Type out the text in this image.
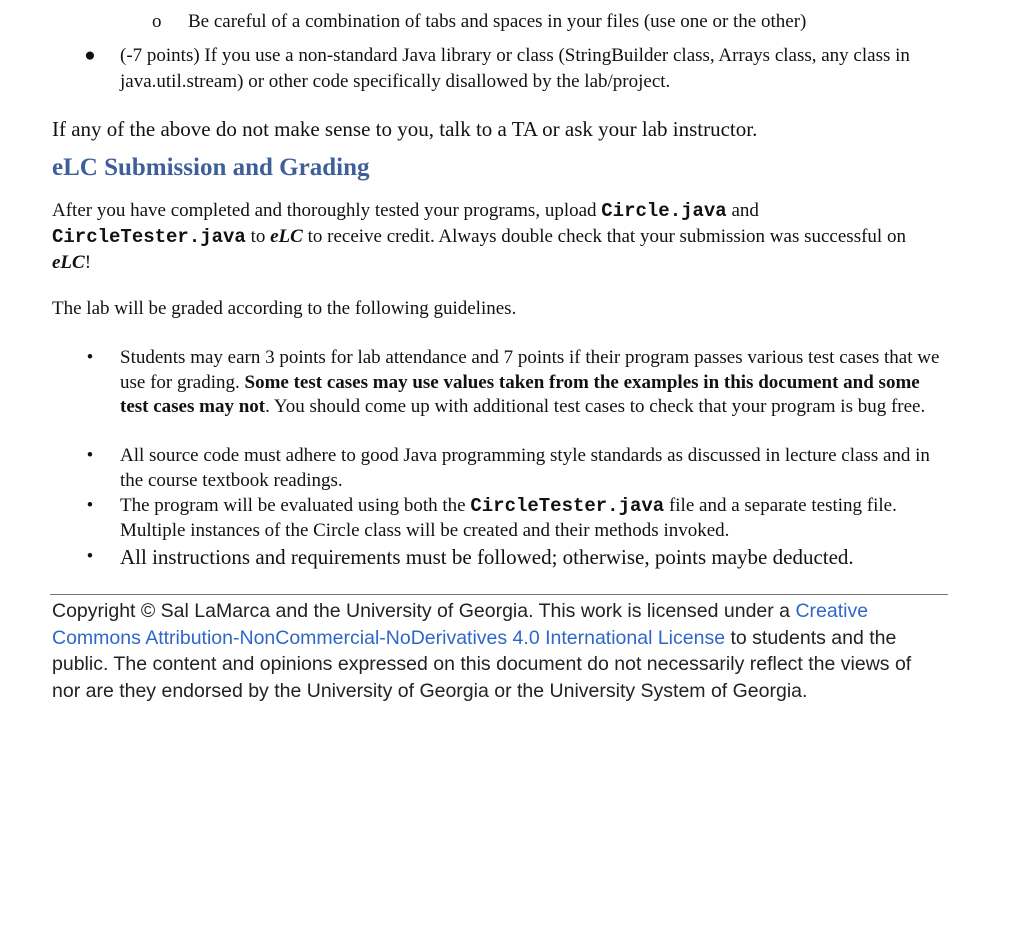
o Be careful of a combination of tabs and spaces in your files (use one or the other)
● (-7 points) If you use a non-standard Java library or class (StringBuilder class, Arrays class, any class in java.util.stream) or other code specifically disallowed by the lab/project.
If any of the above do not make sense to you, talk to a TA or ask your lab instructor.
eLC Submission and Grading
After you have completed and thoroughly tested your programs, upload Circle.java and CircleTester.java to eLC to receive credit. Always double check that your submission was successful on eLC!
The lab will be graded according to the following guidelines.
• Students may earn 3 points for lab attendance and 7 points if their program passes various test cases that we use for grading. Some test cases may use values taken from the examples in this document and some test cases may not. You should come up with additional test cases to check that your program is bug free.
• All source code must adhere to good Java programming style standards as discussed in lecture class and in the course textbook readings.
• The program will be evaluated using both the CircleTester.java file and a separate testing file. Multiple instances of the Circle class will be created and their methods invoked.
• All instructions and requirements must be followed; otherwise, points maybe deducted.
Copyright © Sal LaMarca and the University of Georgia. This work is licensed under a Creative Commons Attribution-NonCommercial-NoDerivatives 4.0 International License to students and the public. The content and opinions expressed on this document do not necessarily reflect the views of nor are they endorsed by the University of Georgia or the University System of Georgia.
